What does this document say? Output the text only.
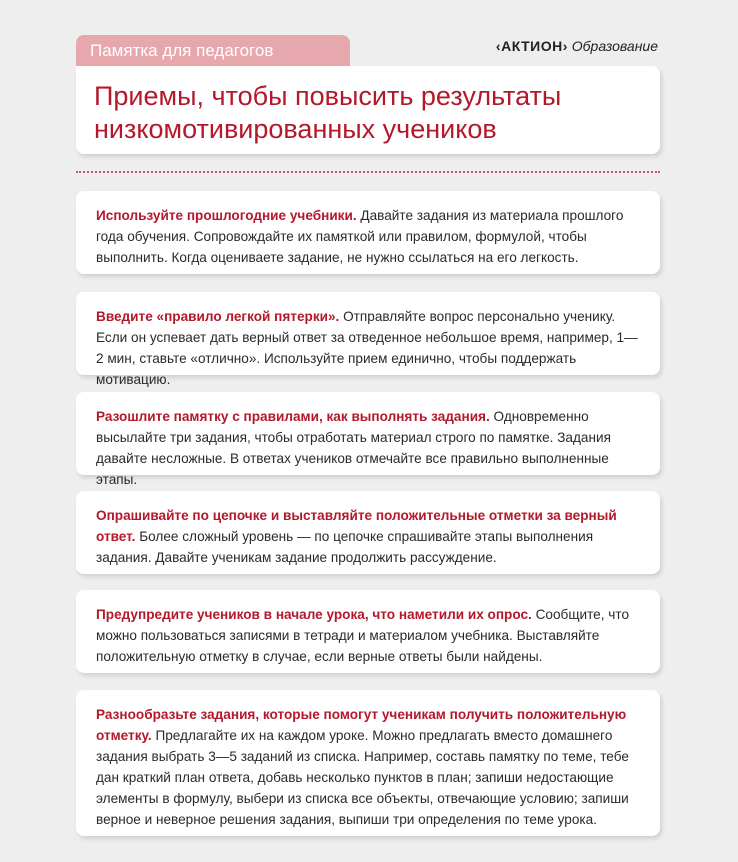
Памятка для педагогов	‹АКТИОН› Образование
Приемы, чтобы повысить результаты
низкомотивированных учеников
Используйте прошлогодние учебники. Давайте задания из материала прошлого года обучения. Сопровождайте их памяткой или правилом, формулой, чтобы выполнить. Когда оцениваете задание, не нужно ссылаться на его легкость.
Введите «правило легкой пятерки». Отправляйте вопрос персонально ученику. Если он успевает дать верный ответ за отведенное небольшое время, например, 1—2 мин, ставьте «отлично». Используйте прием единично, чтобы поддержать мотивацию.
Разошлите памятку с правилами, как выполнять задания. Одновременно высылайте три задания, чтобы отработать материал строго по памятке. Задания давайте несложные. В ответах учеников отмечайте все правильно выполненные этапы.
Опрашивайте по цепочке и выставляйте положительные отметки за верный ответ. Более сложный уровень — по цепочке спрашивайте этапы выполнения задания. Давайте ученикам задание продолжить рассуждение.
Предупредите учеников в начале урока, что наметили их опрос. Сообщите, что можно пользоваться записями в тетради и материалом учебника. Выставляйте положительную отметку в случае, если верные ответы были найдены.
Разнообразьте задания, которые помогут ученикам получить положительную отметку. Предлагайте их на каждом уроке. Можно предлагать вместо домашнего задания выбрать 3—5 заданий из списка. Например, составь памятку по теме, тебе дан краткий план ответа, добавь несколько пунктов в план; запиши недостающие элементы в формулу, выбери из списка все объекты, отвечающие условию; запиши верное и неверное решения задания, выпиши три определения по теме урока.
